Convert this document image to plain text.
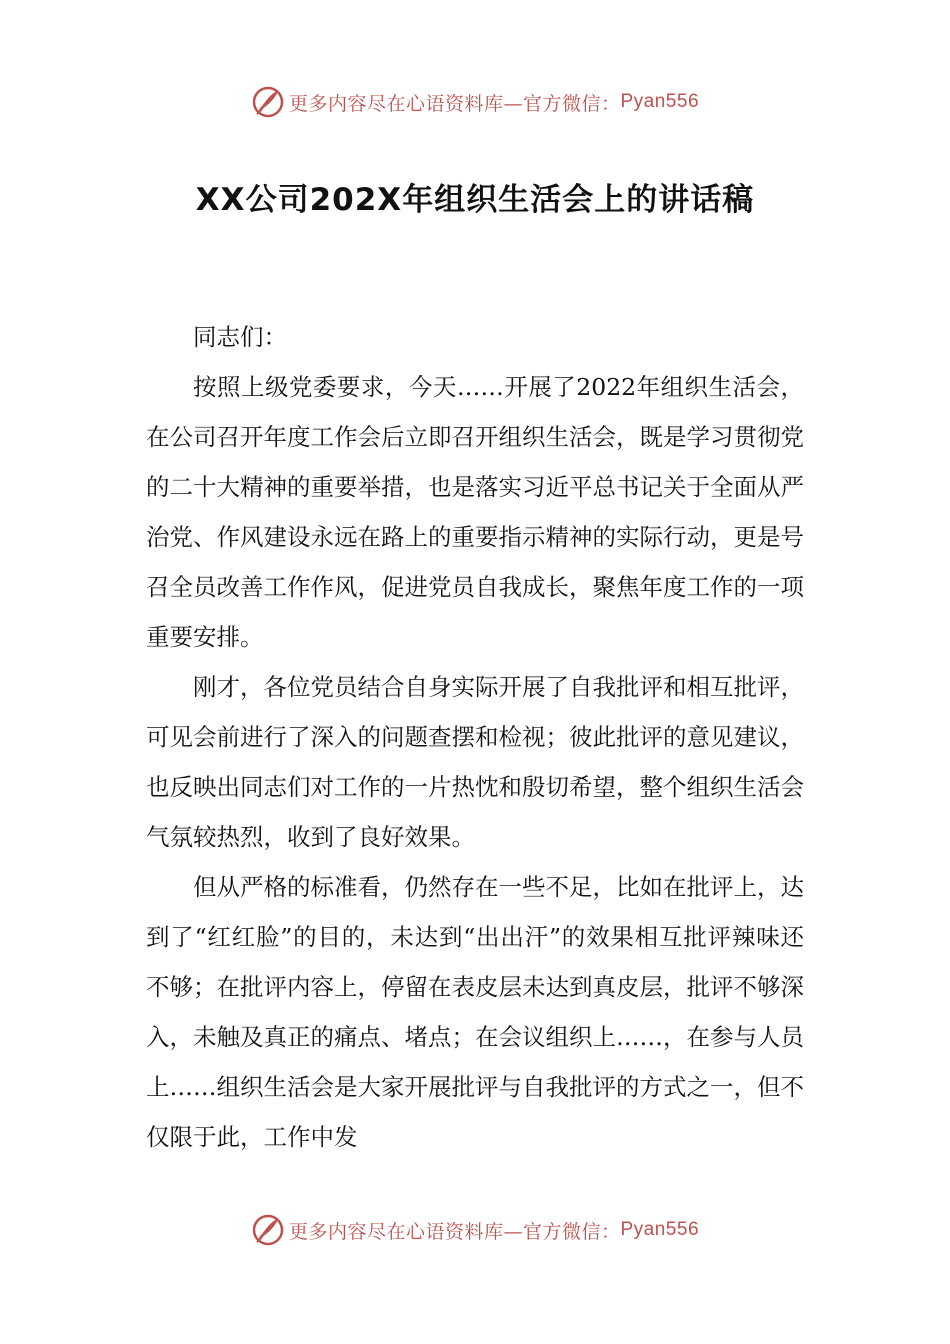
更多内容尽在心语资料库—官方微信： Pyan556
XX公司202X年组织生活会上的讲话稿

同志们：

按照上级党委要求，今天……开展了2022年组织生活会，在公司召开年度工作会后立即召开组织生活会，既是学习贯彻党的二十大精神的重要举措，也是落实习近平总书记关于全面从严治党、作风建设永远在路上的重要指示精神的实际行动，更是号召全员改善工作作风，促进党员自我成长，聚焦年度工作的一项重要安排。

刚才，各位党员结合自身实际开展了自我批评和相互批评，可见会前进行了深入的问题查摆和检视；彼此批评的意见建议，也反映出同志们对工作的一片热忱和殷切希望，整个组织生活会气氛较热烈，收到了良好效果。

但从严格的标准看，仍然存在一些不足，比如在批评上，达到了“红红脸”的目的，未达到“出出汗”的效果相互批评辣味还不够；在批评内容上，停留在表皮层未达到真皮层，批评不够深入，未触及真正的痛点、堵点；在会议组织上……，在参与人员上……组织生活会是大家开展批评与自我批评的方式之一，但不仅限于此，工作中发

更多内容尽在心语资料库—官方微信： Pyan556
